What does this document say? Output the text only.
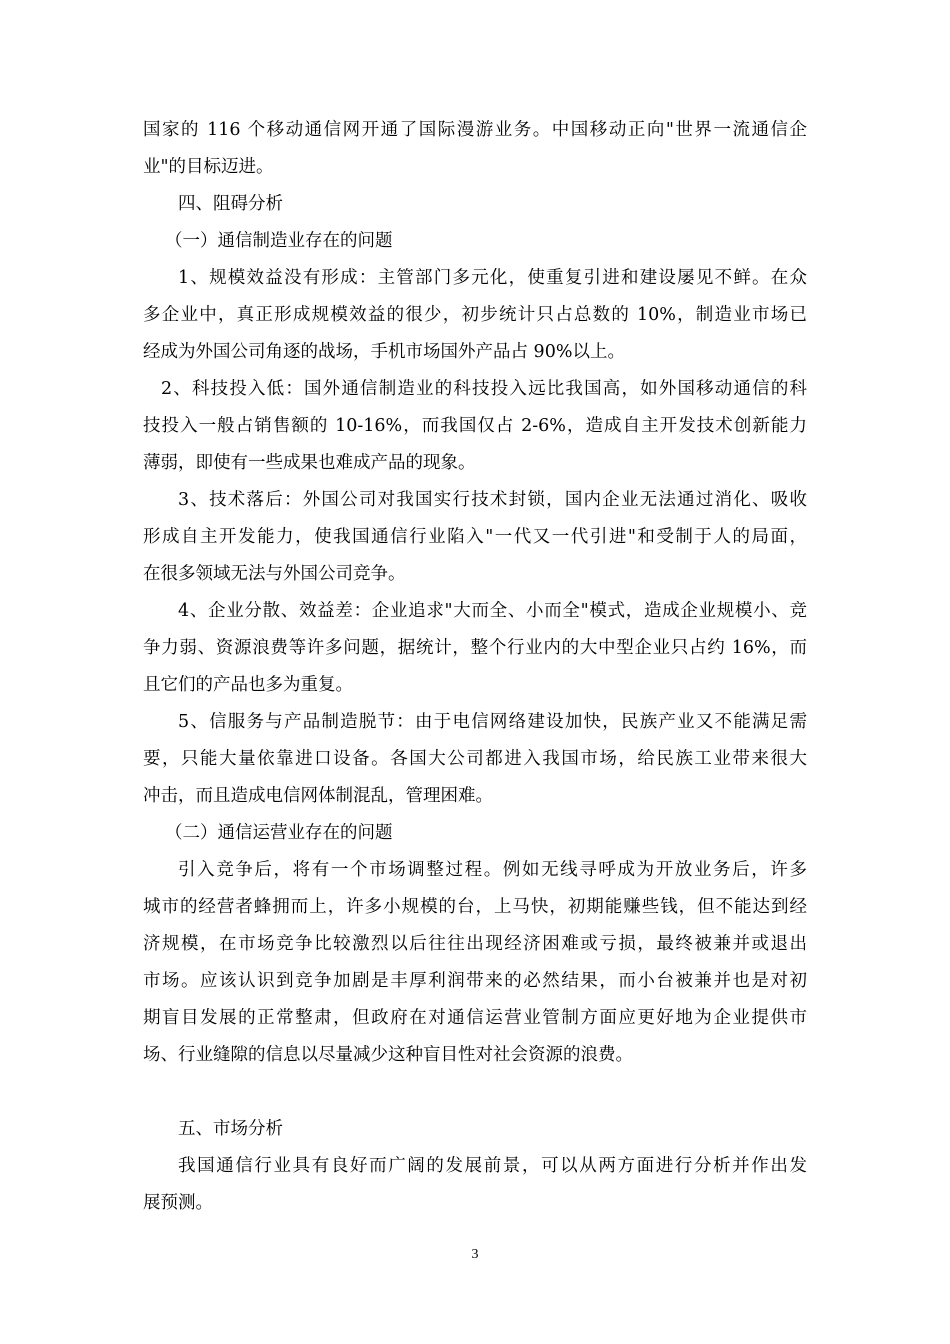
国家的 116 个移动通信网开通了国际漫游业务。中国移动正向"世界一流通信企
业"的目标迈进。
四、阻碍分析
（一）通信制造业存在的问题
1、规模效益没有形成：主管部门多元化，使重复引进和建设屡见不鲜。在众
多企业中，真正形成规模效益的很少，初步统计只占总数的 10%，制造业市场已
经成为外国公司角逐的战场，手机市场国外产品占 90%以上。
2、科技投入低：国外通信制造业的科技投入远比我国高，如外国移动通信的科
技投入一般占销售额的 10-16%，而我国仅占 2-6%，造成自主开发技术创新能力
薄弱，即使有一些成果也难成产品的现象。
3、技术落后：外国公司对我国实行技术封锁，国内企业无法通过消化、吸收
形成自主开发能力，使我国通信行业陷入"一代又一代引进"和受制于人的局面，
在很多领域无法与外国公司竞争。
4、企业分散、效益差：企业追求"大而全、小而全"模式，造成企业规模小、竞
争力弱、资源浪费等许多问题，据统计，整个行业内的大中型企业只占约 16%，而
且它们的产品也多为重复。
5、信服务与产品制造脱节：由于电信网络建设加快，民族产业又不能满足需
要，只能大量依靠进口设备。各国大公司都进入我国市场，给民族工业带来很大
冲击，而且造成电信网体制混乱，管理困难。
（二）通信运营业存在的问题
引入竞争后，将有一个市场调整过程。例如无线寻呼成为开放业务后，许多
城市的经营者蜂拥而上，许多小规模的台，上马快，初期能赚些钱，但不能达到经
济规模，在市场竞争比较激烈以后往往出现经济困难或亏损，最终被兼并或退出
市场。应该认识到竞争加剧是丰厚利润带来的必然结果，而小台被兼并也是对初
期盲目发展的正常整肃，但政府在对通信运营业管制方面应更好地为企业提供市
场、行业缝隙的信息以尽量减少这种盲目性对社会资源的浪费。
五、市场分析
我国通信行业具有良好而广阔的发展前景，可以从两方面进行分析并作出发
展预测。
3
